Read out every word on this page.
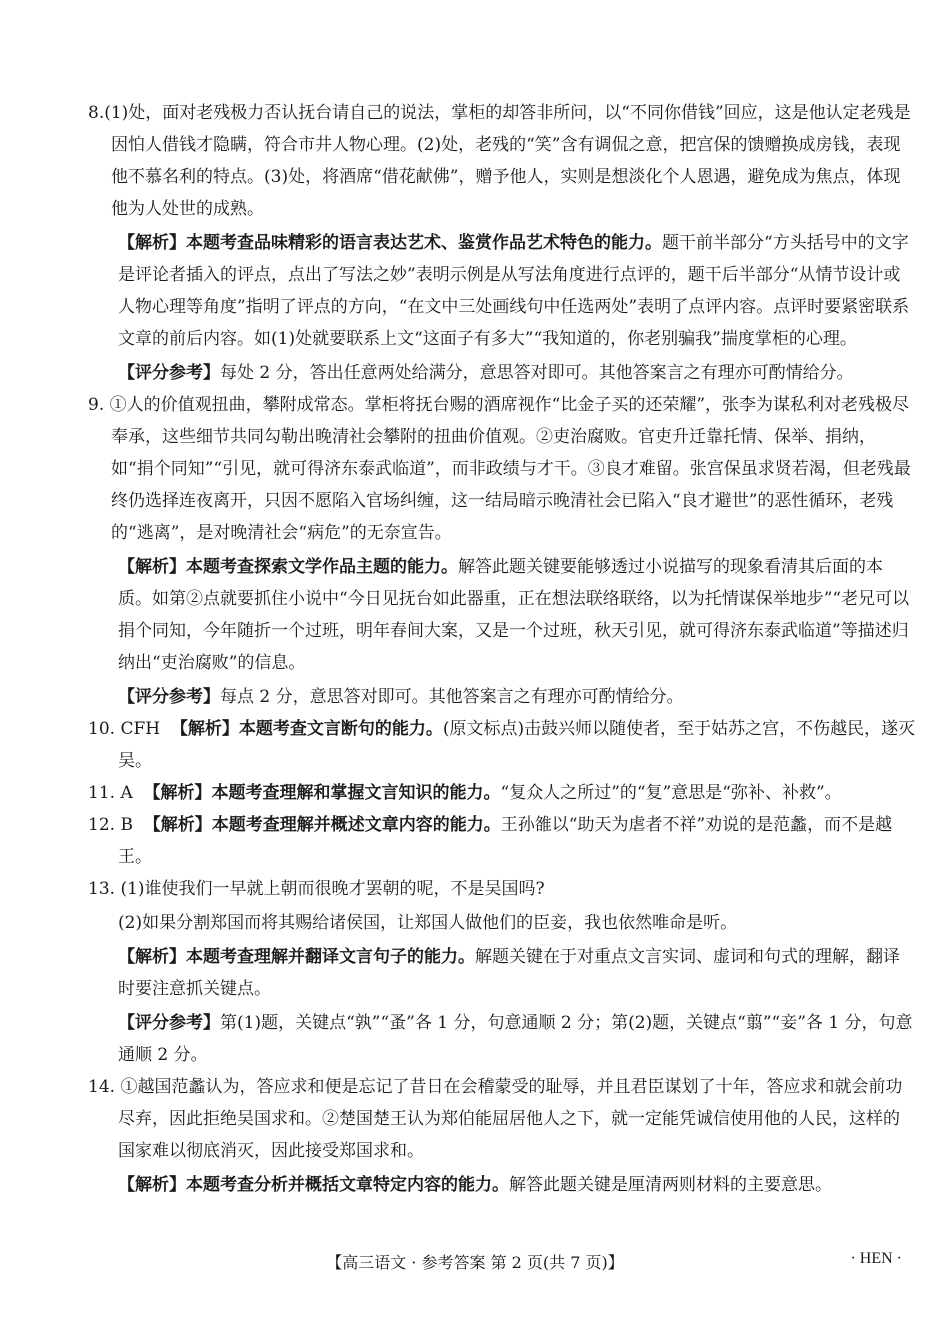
8.(1)处，面对老残极力否认抚台请自己的说法，掌柜的却答非所问，以“不同你借钱”回应，这是他认定老残是因怕人借钱才隐瞒，符合市井人物心理。(2)处，老残的“笑”含有调侃之意，把宫保的馈赠换成房钱，表现他不慕名利的特点。(3)处，将酒席“借花献佛”，赠予他人，实则是想淡化个人恩遇，避免成为焦点，体现他为人处世的成熟。

【解析】本题考查品味精彩的语言表达艺术、鉴赏作品艺术特色的能力。题干前半部分“方头括号中的文字是评论者插入的评点，点出了写法之妙”表明示例是从写法角度进行点评的，题干后半部分“从情节设计或人物心理等角度”指明了评点的方向，“在文中三处画线句中任选两处”表明了点评内容。点评时要紧密联系文章的前后内容。如(1)处就要联系上文“这面子有多大”“我知道的，你老别骗我”揣度掌柜的心理。

【评分参考】每处 2 分，答出任意两处给满分，意思答对即可。其他答案言之有理亦可酌情给分。

9. ①人的价值观扭曲，攀附成常态。掌柜将抚台赐的酒席视作“比金子买的还荣耀”，张李为谋私利对老残极尽奉承，这些细节共同勾勒出晚清社会攀附的扭曲价值观。②吏治腐败。官吏升迁靠托情、保举、捐纳，如“捐个同知”“引见，就可得济东泰武临道”，而非政绩与才干。③良才难留。张宫保虽求贤若渴，但老残最终仍选择连夜离开，只因不愿陷入官场纠缠，这一结局暗示晚清社会已陷入“良才避世”的恶性循环，老残的“逃离”，是对晚清社会“病危”的无奈宣告。

【解析】本题考查探索文学作品主题的能力。解答此题关键要能够透过小说描写的现象看清其后面的本质。如第②点就要抓住小说中“今日见抚台如此器重，正在想法联络联络，以为托情谋保举地步”“老兄可以捐个同知，今年随折一个过班，明年春间大案，又是一个过班，秋天引见，就可得济东泰武临道”等描述归纳出“吏治腐败”的信息。

【评分参考】每点 2 分，意思答对即可。其他答案言之有理亦可酌情给分。

10. CFH 【解析】本题考查文言断句的能力。(原文标点)击鼓兴师以随使者，至于姑苏之宫，不伤越民，遂灭吴。

11. A 【解析】本题考查理解和掌握文言知识的能力。“复众人之所过”的“复”意思是“弥补、补救”。

12. B 【解析】本题考查理解并概述文章内容的能力。王孙雒以“助天为虐者不祥”劝说的是范蠡，而不是越王。

13. (1)谁使我们一早就上朝而很晚才罢朝的呢，不是吴国吗?

(2)如果分割郑国而将其赐给诸侯国，让郑国人做他们的臣妾，我也依然唯命是听。

【解析】本题考查理解并翻译文言句子的能力。解题关键在于对重点文言实词、虚词和句式的理解，翻译时要注意抓关键点。

【评分参考】第(1)题，关键点“孰”“蚤”各 1 分，句意通顺 2 分；第(2)题，关键点“翦”“妾”各 1 分，句意通顺 2 分。

14. ①越国范蠡认为，答应求和便是忘记了昔日在会稽蒙受的耻辱，并且君臣谋划了十年，答应求和就会前功尽弃，因此拒绝吴国求和。②楚国楚王认为郑伯能屈居他人之下，就一定能凭诚信使用他的人民，这样的国家难以彻底消灭，因此接受郑国求和。

【解析】本题考查分析并概括文章特定内容的能力。解答此题关键是厘清两则材料的主要意思。

【高三语文 · 参考答案 第 2 页(共 7 页)】	· HEN ·
